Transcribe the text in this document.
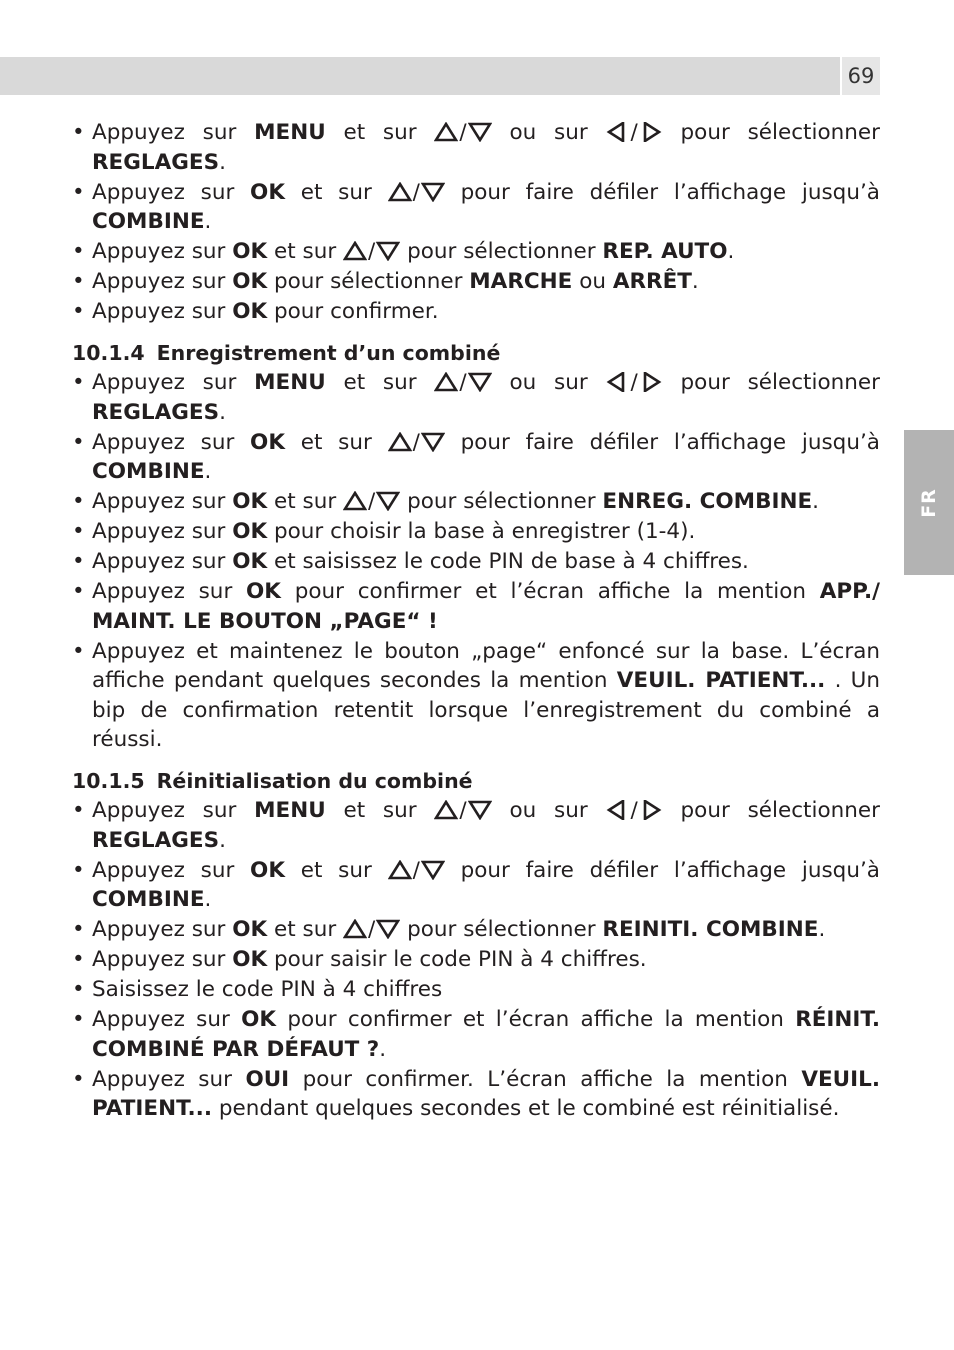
69
FR
• Appuyez sur MENU et sur / ou sur / pour sélectionner REGLAGES.
• Appuyez sur OK et sur / pour faire défiler l’affichage jusqu’à COMBINE.
• Appuyez sur OK et sur / pour sélectionner REP. AUTO.
• Appuyez sur OK pour sélectionner MARCHE ou ARRÊT.
• Appuyez sur OK pour confirmer.
10.1.4 Enregistrement d’un combiné
• Appuyez sur MENU et sur / ou sur / pour sélectionner REGLAGES.
• Appuyez sur OK et sur / pour faire défiler l’affichage jusqu’à COMBINE.
• Appuyez sur OK et sur / pour sélectionner ENREG. COMBINE.
• Appuyez sur OK pour choisir la base à enregistrer (1-4).
• Appuyez sur OK et saisissez le code PIN de base à 4 chiffres.
• Appuyez sur OK pour confirmer et l’écran affiche la mention APP./ MAINT. LE BOUTON „PAGE“ !
• Appuyez et maintenez le bouton „page“ enfoncé sur la base. L’écran affiche pendant quelques secondes la mention VEUIL. PATIENT... . Un bip de confirmation retentit lorsque l’enregistrement du combiné a réussi.
10.1.5 Réinitialisation du combiné
• Appuyez sur MENU et sur / ou sur / pour sélectionner REGLAGES.
• Appuyez sur OK et sur / pour faire défiler l’affichage jusqu’à COMBINE.
• Appuyez sur OK et sur / pour sélectionner REINITI. COMBINE.
• Appuyez sur OK pour saisir le code PIN à 4 chiffres.
• Saisissez le code PIN à 4 chiffres
• Appuyez sur OK pour confirmer et l’écran affiche la mention RÉINIT. COMBINÉ PAR DÉFAUT ?.
• Appuyez sur OUI pour confirmer. L’écran affiche la mention VEUIL. PATIENT... pendant quelques secondes et le combiné est réinitialisé.
